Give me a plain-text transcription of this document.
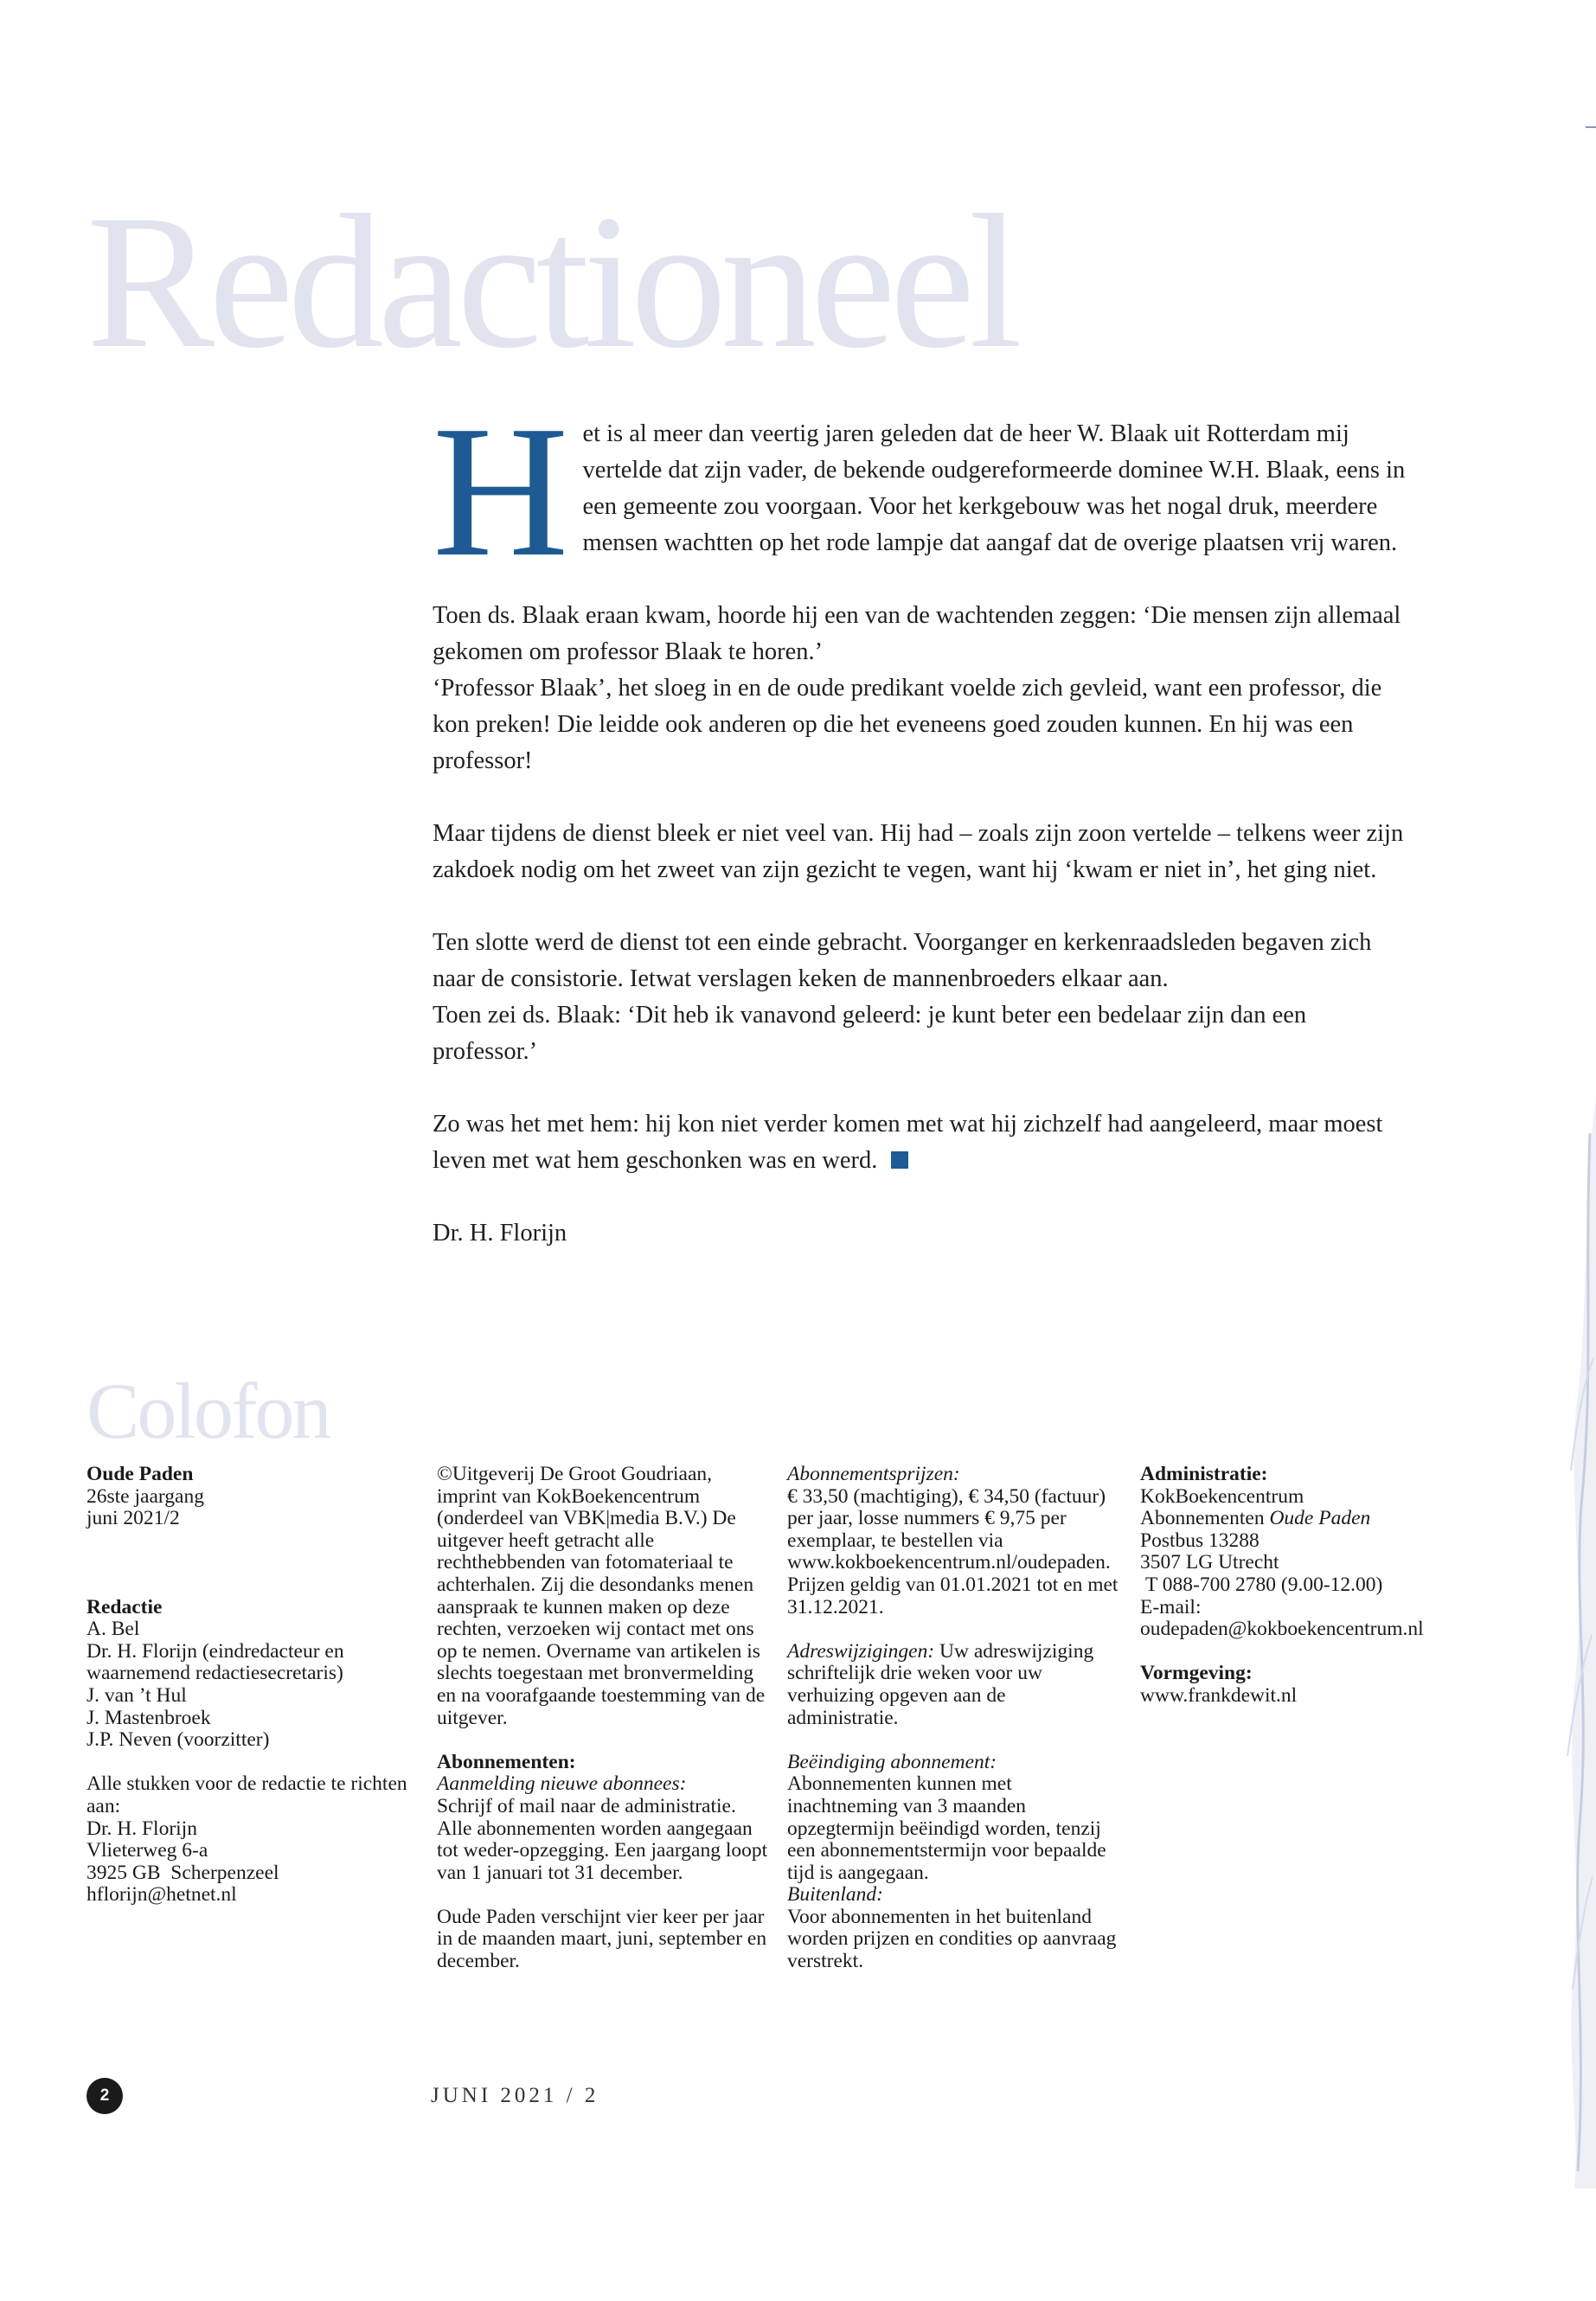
Redactioneel

H et is al meer dan veertig jaren geleden dat de heer W. Blaak uit Rotterdam mij vertelde dat zijn vader, de bekende oudgereformeerde dominee W.H. Blaak, eens in een gemeente zou voorgaan. Voor het kerkgebouw was het nogal druk, meerdere mensen wachtten op het rode lampje dat aangaf dat de overige plaatsen vrij waren.

Toen ds. Blaak eraan kwam, hoorde hij een van de wachtenden zeggen: ‘Die mensen zijn allemaal gekomen om professor Blaak te horen.’
‘Professor Blaak’, het sloeg in en de oude predikant voelde zich gevleid, want een professor, die kon preken! Die leidde ook anderen op die het eveneens goed zouden kunnen. En hij was een professor!

Maar tijdens de dienst bleek er niet veel van. Hij had – zoals zijn zoon vertelde – telkens weer zijn zakdoek nodig om het zweet van zijn gezicht te vegen, want hij ‘kwam er niet in’, het ging niet.

Ten slotte werd de dienst tot een einde gebracht. Voorganger en kerkenraadsleden begaven zich naar de consistorie. Ietwat verslagen keken de mannenbroeders elkaar aan.
Toen zei ds. Blaak: ‘Dit heb ik vanavond geleerd: je kunt beter een bedelaar zijn dan een professor.’

Zo was het met hem: hij kon niet verder komen met wat hij zichzelf had aangeleerd, maar moest leven met wat hem geschonken was en werd.

Dr. H. Florijn

Colofon
Oude Paden
26ste jaargang
juni 2021/2
Redactie
A. Bel
Dr. H. Florijn (eindredacteur en waarnemend redactiesecretaris)
J. van ’t Hul
J. Mastenbroek
J.P. Neven (voorzitter)
Alle stukken voor de redactie te richten aan:
Dr. H. Florijn
Vlieterweg 6-a
3925 GB  Scherpenzeel
hflorijn@hetnet.nl
©Uitgeverij De Groot Goudriaan, imprint van KokBoekencentrum (onderdeel van VBK|media B.V.) De uitgever heeft getracht alle rechthebbenden van fotomateriaal te achterhalen. Zij die desondanks menen aanspraak te kunnen maken op deze rechten, verzoeken wij contact met ons op te nemen. Overname van artikelen is slechts toegestaan met bronvermelding en na voorafgaande toestemming van de uitgever.
Abonnementen:
Aanmelding nieuwe abonnees:
Schrijf of mail naar de administratie. Alle abonnementen worden aangegaan tot weder-opzegging. Een jaargang loopt van 1 januari tot 31 december.
Oude Paden verschijnt vier keer per jaar in de maanden maart, juni, september en december.
Abonnementsprijzen:
€ 33,50 (machtiging), € 34,50 (factuur) per jaar, losse nummers € 9,75 per exemplaar, te bestellen via www.kokboekencentrum.nl/oudepaden. Prijzen geldig van 01.01.2021 tot en met 31.12.2021.
Adreswijzigingen: Uw adreswijziging schriftelijk drie weken voor uw verhuizing opgeven aan de administratie.
Beëindiging abonnement:
Abonnementen kunnen met inachtneming van 3 maanden opzegtermijn beëindigd worden, tenzij een abonnementstermijn voor bepaalde tijd is aangegaan.
Buitenland:
Voor abonnementen in het buitenland worden prijzen en condities op aanvraag verstrekt.
Administratie:
KokBoekencentrum
Abonnementen Oude Paden
Postbus 13288
3507 LG Utrecht
T 088-700 2780 (9.00-12.00)
E-mail:
oudepaden@kokboekencentrum.nl
Vormgeving:
www.frankdewit.nl
2	JUNI 2021 / 2
